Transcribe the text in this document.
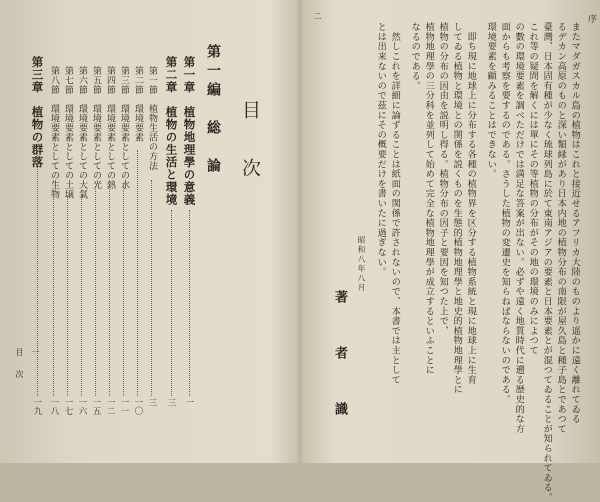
目　次
第一編　総　論
第一章　植物地理學の意義
一
第二章　植物の生活と環境
三
第一節　植物生活の方法
三
第二節　環境要素
一〇
第三節　環境要素としての水
一一
第四節　環境要素としての熱
一二
第五節　環境要素としての光
一五
第六節　環境要素としての大氣
一六
第七節　環境要素としての土壌
一七
第八節　環境要素としての生物
一八
第三章　植物の群落
一九
目　次 一
序
二
またマダガスカル島の植物はこれと接近せるアフリカ大陸のものより遥かに遠く離れてゐる
るデカン高原のものと深い類縁があり日本内地の植物分布の南限が屋久島と種子島とであつて
臺灣、日本固有種が少なく琉球列島に於て東南アジアの要素と日本要素とが混つてゐることが知られてゐる。
これ等の疑問を解くには單にその等植物の分布がその地の環境のみによつて
の數の環境要素を調べただけでは満足な答案が出ない。必ずや遠く地質時代に遡る歴史的な方
面からも考察を要するのである。さうした植物の変遷史を知らねばならないのである。
環境要素を顧みることはできない。
　即ち現に地球上に分布する各種の植物界を区分する植物系統と現に地球上に生育
してゐる植物と環境との関係を説くものを生態的植物地理學と地史的植物地理學とに
植物の分布の因由を説明し得る。植物分布の因子と要因を知つた上で、
植物地理學の三分科を並列して始めて完全な植物地理學が成立するといふことに
なるのである。
　然しこれを詳細に論ずることは紙面の関係で許されないので、本書では主として
とは出来ないので茲にその概要だけを書いたに過ぎない。
昭和八年八月
著　者　識
